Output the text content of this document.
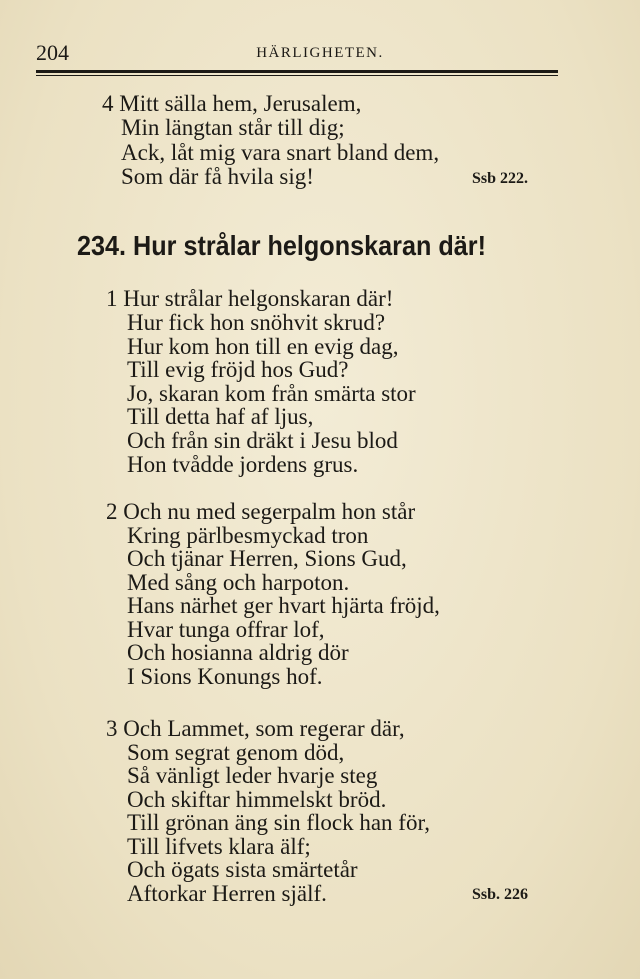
204	HÄRLIGHETEN.
4 Mitt sälla hem, Jerusalem,
Min längtan står till dig;
Ack, låt mig vara snart bland dem,
Som där få hvila sig!	Ssb 222.
234. Hur strålar helgonskaran där!
1 Hur strålar helgonskaran där!
Hur fick hon snöhvit skrud?
Hur kom hon till en evig dag,
Till evig fröjd hos Gud?
Jo, skaran kom från smärta stor
Till detta haf af ljus,
Och från sin dräkt i Jesu blod
Hon tvådde jordens grus.
2 Och nu med segerpalm hon står
Kring pärlbesmyckad tron
Och tjänar Herren, Sions Gud,
Med sång och harpoton.
Hans närhet ger hvart hjärta fröjd,
Hvar tunga offrar lof,
Och hosianna aldrig dör
I Sions Konungs hof.
3 Och Lammet, som regerar där,
Som segrat genom död,
Så vänligt leder hvarje steg
Och skiftar himmelskt bröd.
Till grönan äng sin flock han för,
Till lifvets klara älf;
Och ögats sista smärtetår
Aftorkar Herren själf.	Ssb. 226
